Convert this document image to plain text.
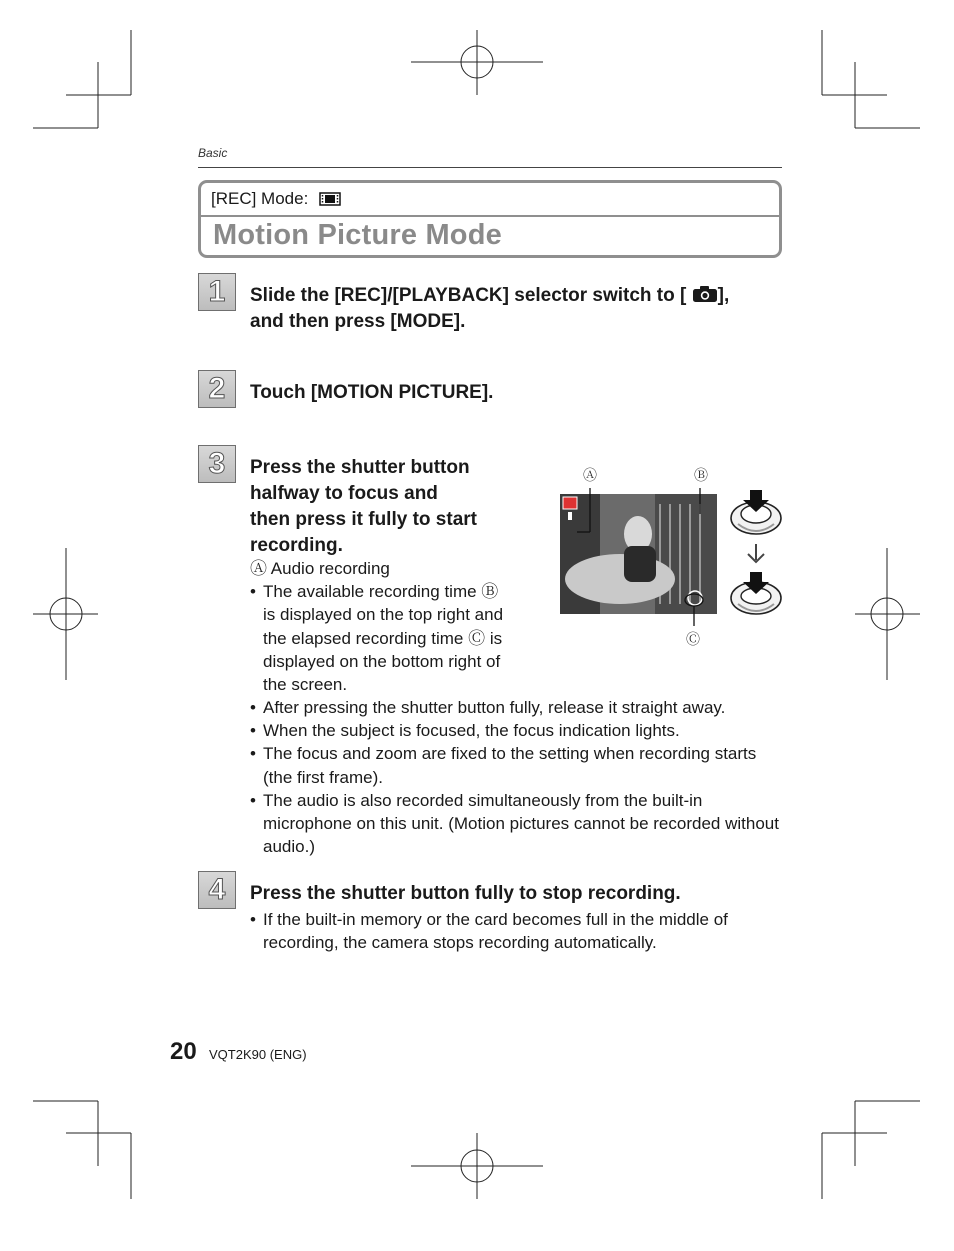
Basic
[REC] Mode:
Motion Picture Mode
1	Slide the [REC]/[PLAYBACK] selector switch to [ ],
and then press [MODE].
2	Touch [MOTION PICTURE].
3	Press the shutter button
halfway to focus and
then press it fully to start
recording.
Ⓐ Audio recording
• The available recording time Ⓑ
is displayed on the top right and
the elapsed recording time Ⓒ is
displayed on the bottom right of
the screen.
• After pressing the shutter button fully, release it straight away.
• When the subject is focused, the focus indication lights.
• The focus and zoom are fixed to the setting when recording starts (the first frame).
• The audio is also recorded simultaneously from the built-in microphone on this unit. (Motion pictures cannot be recorded without audio.)
Ⓐ	Ⓑ
Ⓒ
4	Press the shutter button fully to stop recording.
• If the built-in memory or the card becomes full in the middle of recording, the camera stops recording automatically.
20 VQT2K90 (ENG)
